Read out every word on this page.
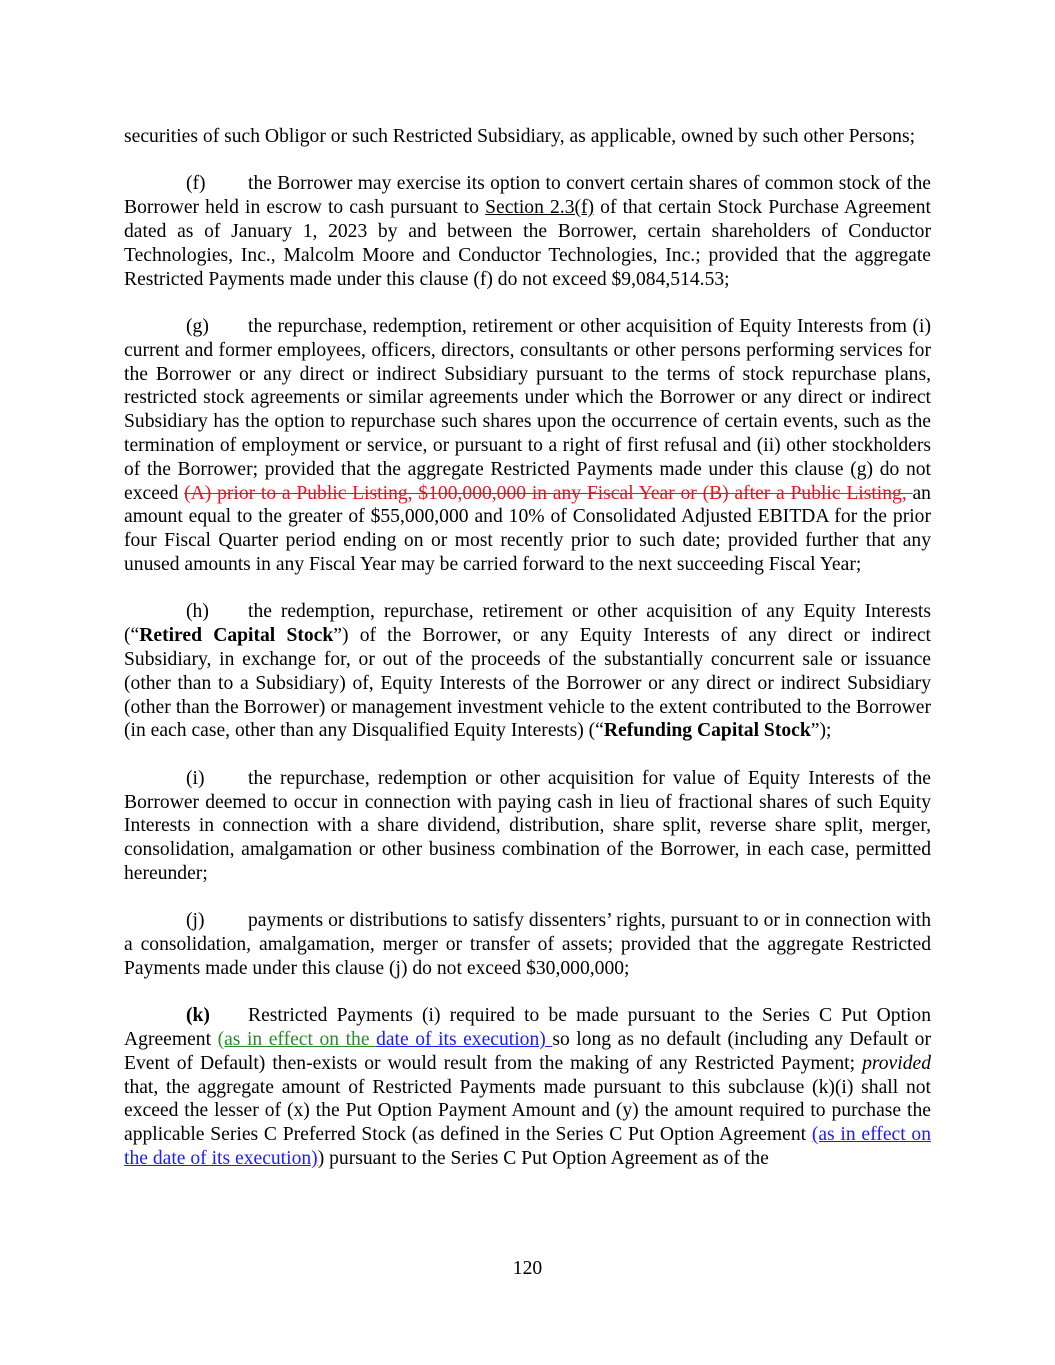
securities of such Obligor or such Restricted Subsidiary, as applicable, owned by such other Persons;

(f) the Borrower may exercise its option to convert certain shares of common stock of the Borrower held in escrow to cash pursuant to Section 2.3(f) of that certain Stock Purchase Agreement dated as of January 1, 2023 by and between the Borrower, certain shareholders of Conductor Technologies, Inc., Malcolm Moore and Conductor Technologies, Inc.; provided that the aggregate Restricted Payments made under this clause (f) do not exceed $9,084,514.53;

(g) the repurchase, redemption, retirement or other acquisition of Equity Interests from (i) current and former employees, officers, directors, consultants or other persons performing services for the Borrower or any direct or indirect Subsidiary pursuant to the terms of stock repurchase plans, restricted stock agreements or similar agreements under which the Borrower or any direct or indirect Subsidiary has the option to repurchase such shares upon the occurrence of certain events, such as the termination of employment or service, or pursuant to a right of first refusal and (ii) other stockholders of the Borrower; provided that the aggregate Restricted Payments made under this clause (g) do not exceed (A) prior to a Public Listing, $100,000,000 in any Fiscal Year or (B) after a Public Listing, an amount equal to the greater of $55,000,000 and 10% of Consolidated Adjusted EBITDA for the prior four Fiscal Quarter period ending on or most recently prior to such date; provided further that any unused amounts in any Fiscal Year may be carried forward to the next succeeding Fiscal Year;

(h) the redemption, repurchase, retirement or other acquisition of any Equity Interests (“Retired Capital Stock”) of the Borrower, or any Equity Interests of any direct or indirect Subsidiary, in exchange for, or out of the proceeds of the substantially concurrent sale or issuance (other than to a Subsidiary) of, Equity Interests of the Borrower or any direct or indirect Subsidiary (other than the Borrower) or management investment vehicle to the extent contributed to the Borrower (in each case, other than any Disqualified Equity Interests) (“Refunding Capital Stock”);

(i) the repurchase, redemption or other acquisition for value of Equity Interests of the Borrower deemed to occur in connection with paying cash in lieu of fractional shares of such Equity Interests in connection with a share dividend, distribution, share split, reverse share split, merger, consolidation, amalgamation or other business combination of the Borrower, in each case, permitted hereunder;

(j) payments or distributions to satisfy dissenters’ rights, pursuant to or in connection with a consolidation, amalgamation, merger or transfer of assets; provided that the aggregate Restricted Payments made under this clause (j) do not exceed $30,000,000;

(k) Restricted Payments (i) required to be made pursuant to the Series C Put Option Agreement (as in effect on the date of its execution) so long as no default (including any Default or Event of Default) then-exists or would result from the making of any Restricted Payment; provided that, the aggregate amount of Restricted Payments made pursuant to this subclause (k)(i) shall not exceed the lesser of (x) the Put Option Payment Amount and (y) the amount required to purchase the applicable Series C Preferred Stock (as defined in the Series C Put Option Agreement (as in effect on the date of its execution)) pursuant to the Series C Put Option Agreement as of the

120
